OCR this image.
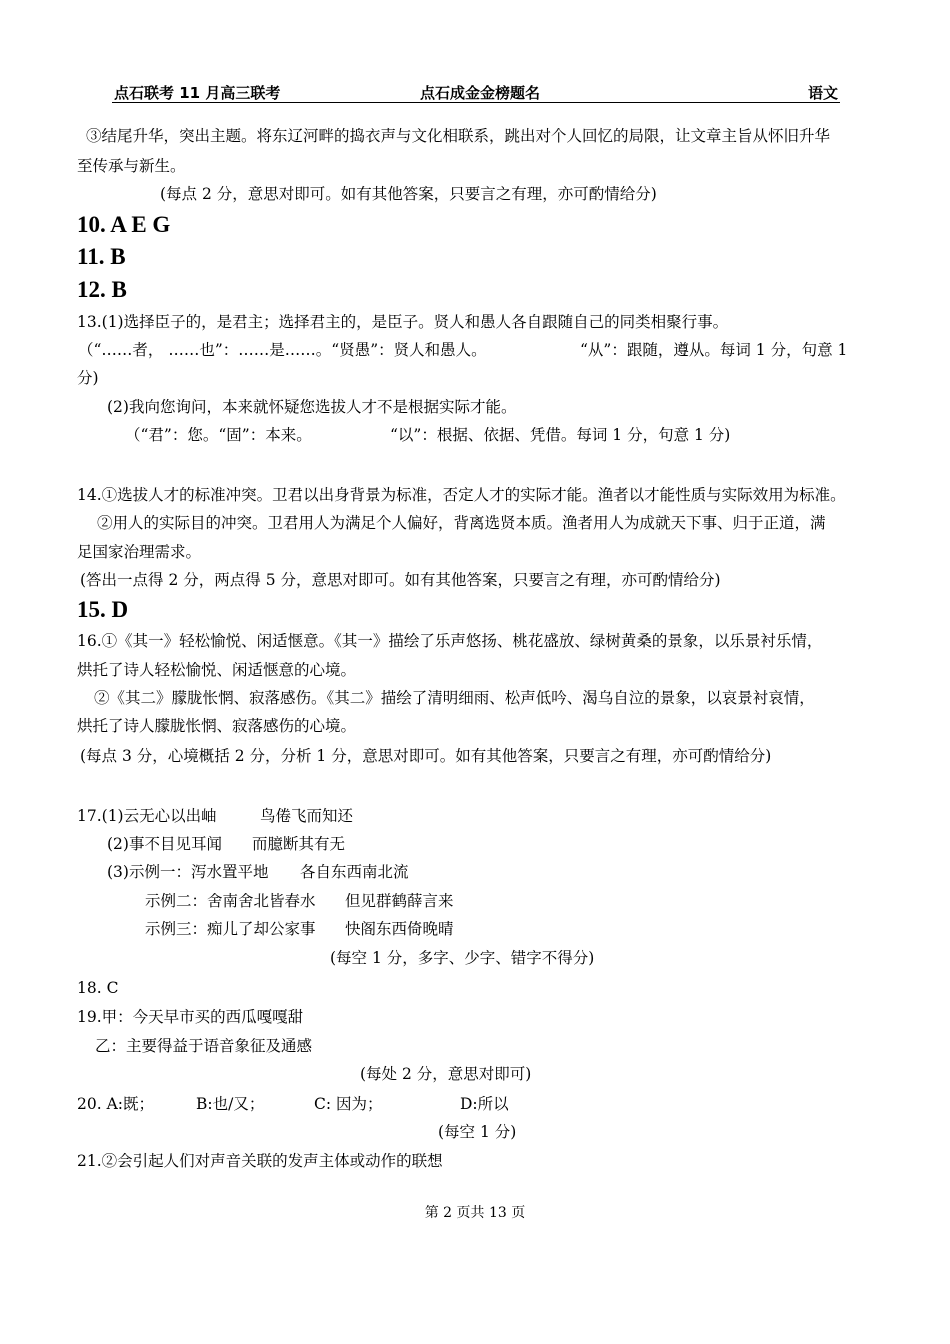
点石联考 11 月高三联考	点石成金金榜题名	语文
③结尾升华，突出主题。将东辽河畔的捣衣声与文化相联系，跳出对个人回忆的局限，让文章主旨从怀旧升华
至传承与新生。
(每点 2 分，意思对即可。如有其他答案，只要言之有理，亦可酌情给分)
10. A E G
11. B
12. B
13.(1)选择臣子的，是君主；选择君主的，是臣子。贤人和愚人各自跟随自己的同类相聚行事。
（“……者， ……也”：……是……。“贤愚”：贤人和愚人。	“从”：跟随，遵从。每词 1 分，句意 1
分)
(2)我向您询问，本来就怀疑您选拔人才不是根据实际才能。
（“君”：您。“固”：本来。	“以”：根据、依据、凭借。每词 1 分，句意 1 分)
14.①选拔人才的标准冲突。卫君以出身背景为标准，否定人才的实际才能。渔者以才能性质与实际效用为标准。
②用人的实际目的冲突。卫君用人为满足个人偏好，背离选贤本质。渔者用人为成就天下事、归于正道，满
足国家治理需求。
(答出一点得 2 分，两点得 5 分，意思对即可。如有其他答案，只要言之有理，亦可酌情给分)
15. D
16.①《其一》轻松愉悦、闲适惬意。《其一》描绘了乐声悠扬、桃花盛放、绿树黄桑的景象，以乐景衬乐情，
烘托了诗人轻松愉悦、闲适惬意的心境。
②《其二》朦胧怅惘、寂落感伤。《其二》描绘了清明细雨、松声低吟、渴乌自泣的景象，以哀景衬哀情，
烘托了诗人朦胧怅惘、寂落感伤的心境。
(每点 3 分，心境概括 2 分，分析 1 分，意思对即可。如有其他答案，只要言之有理，亦可酌情给分)
17.(1)云无心以出岫	鸟倦飞而知还
(2)事不目见耳闻 而臆断其有无
(3)示例一：泻水置平地 各自东西南北流
示例二：舍南舍北皆春水 但见群鹤薛言来
示例三：痴儿了却公家事 快阁东西倚晚晴
(每空 1 分，多字、少字、错字不得分)
18. C
19.甲：今天早市买的西瓜嘎嘎甜
乙：主要得益于语音象征及通感
(每处 2 分，意思对即可)
20. A:既；	B:也/又；	C: 因为；	D:所以
(每空 1 分)
21.②会引起人们对声音关联的发声主体或动作的联想
第 2 页共 13 页
